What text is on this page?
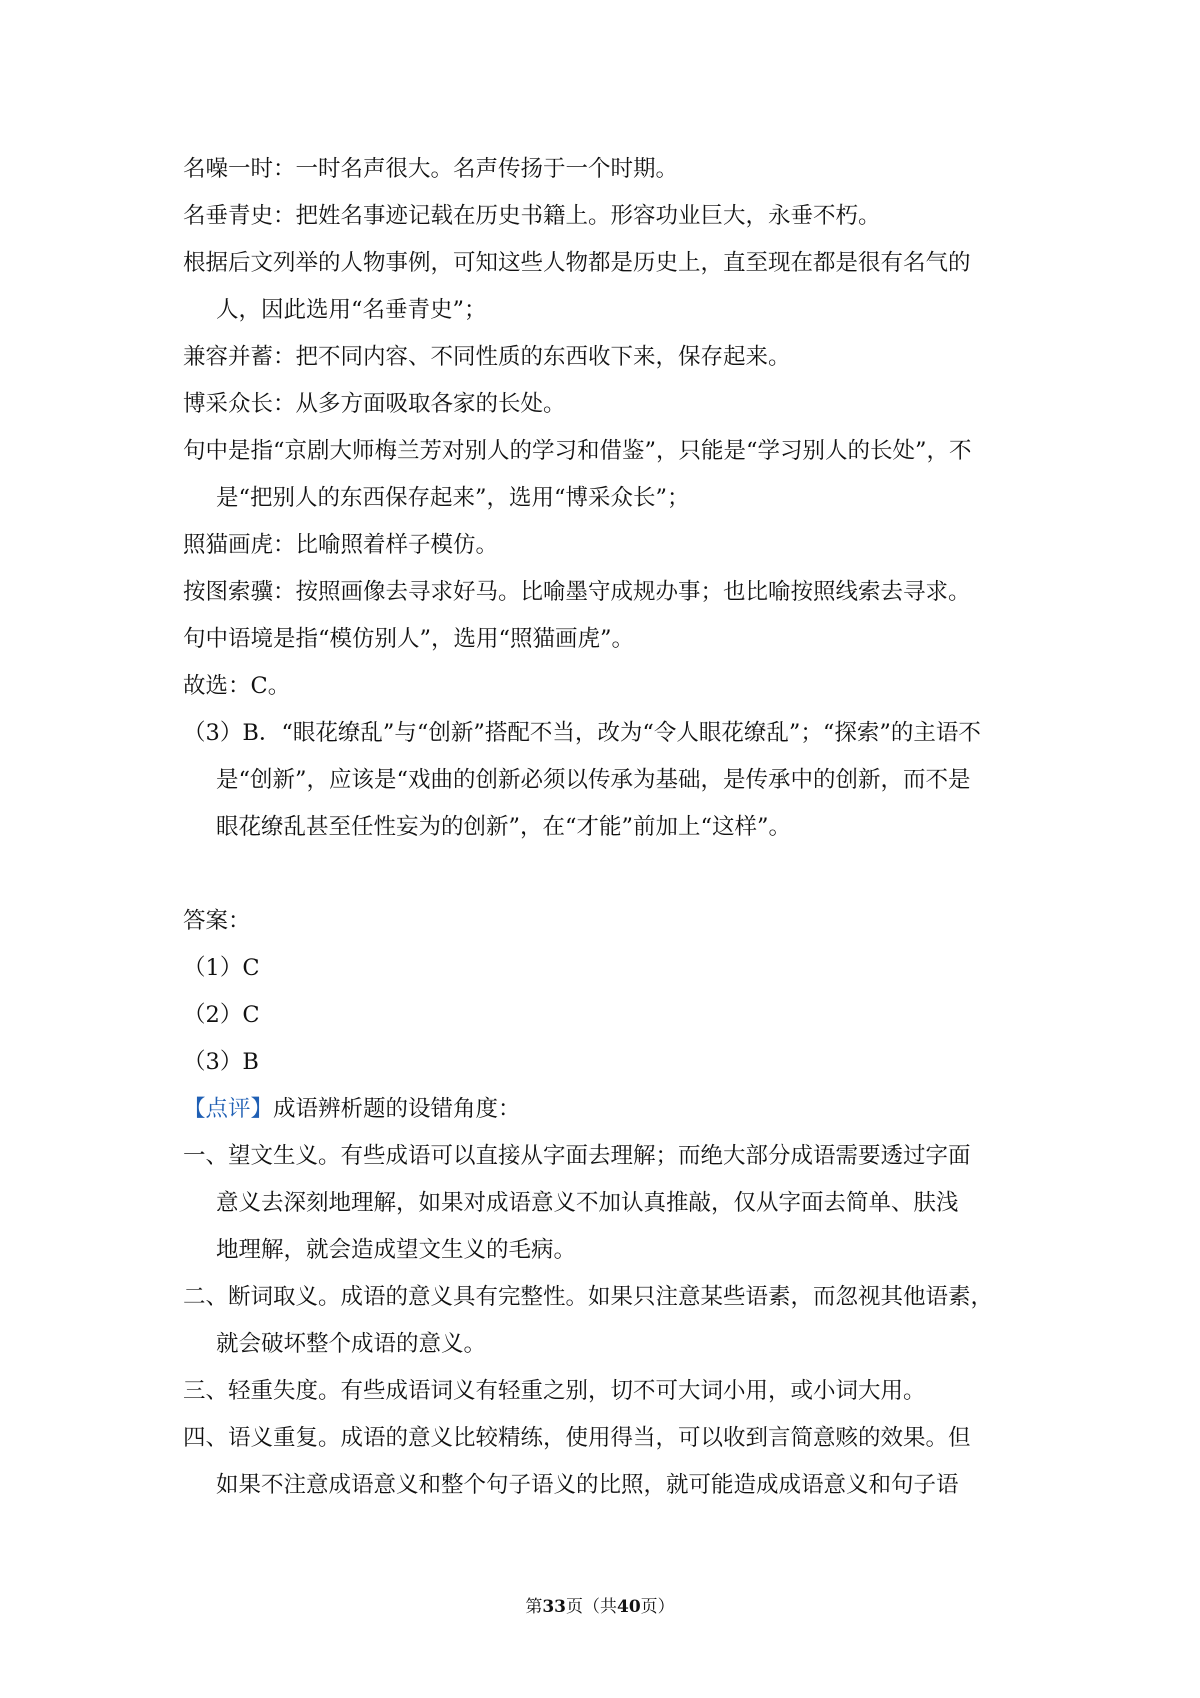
名噪一时：一时名声很大。名声传扬于一个时期。
名垂青史：把姓名事迹记载在历史书籍上。形容功业巨大，永垂不朽。
根据后文列举的人物事例，可知这些人物都是历史上，直至现在都是很有名气的
人，因此选用“名垂青史”；
兼容并蓄：把不同内容、不同性质的东西收下来，保存起来。
博采众长：从多方面吸取各家的长处。
句中是指“京剧大师梅兰芳对别人的学习和借鉴”，只能是“学习别人的长处”，不
是“把别人的东西保存起来”，选用“博采众长”；
照猫画虎：比喻照着样子模仿。
按图索骥：按照画像去寻求好马。比喻墨守成规办事；也比喻按照线索去寻求。
句中语境是指“模仿别人”，选用“照猫画虎”。
故选：C。
（3）B．“眼花缭乱”与“创新”搭配不当，改为“令人眼花缭乱”；“探索”的主语不
是“创新”，应该是“戏曲的创新必须以传承为基础，是传承中的创新，而不是
眼花缭乱甚至任性妄为的创新”，在“才能”前加上“这样”。
答案：
（1）C
（2）C
（3）B
【点评】成语辨析题的设错角度：
一、望文生义。有些成语可以直接从字面去理解；而绝大部分成语需要透过字面
意义去深刻地理解，如果对成语意义不加认真推敲，仅从字面去简单、肤浅
地理解，就会造成望文生义的毛病。
二、断词取义。成语的意义具有完整性。如果只注意某些语素，而忽视其他语素，
就会破坏整个成语的意义。
三、轻重失度。有些成语词义有轻重之别，切不可大词小用，或小词大用。
四、语义重复。成语的意义比较精练，使用得当，可以收到言简意赅的效果。但
如果不注意成语意义和整个句子语义的比照，就可能造成成语意义和句子语
第33页（共40页）
